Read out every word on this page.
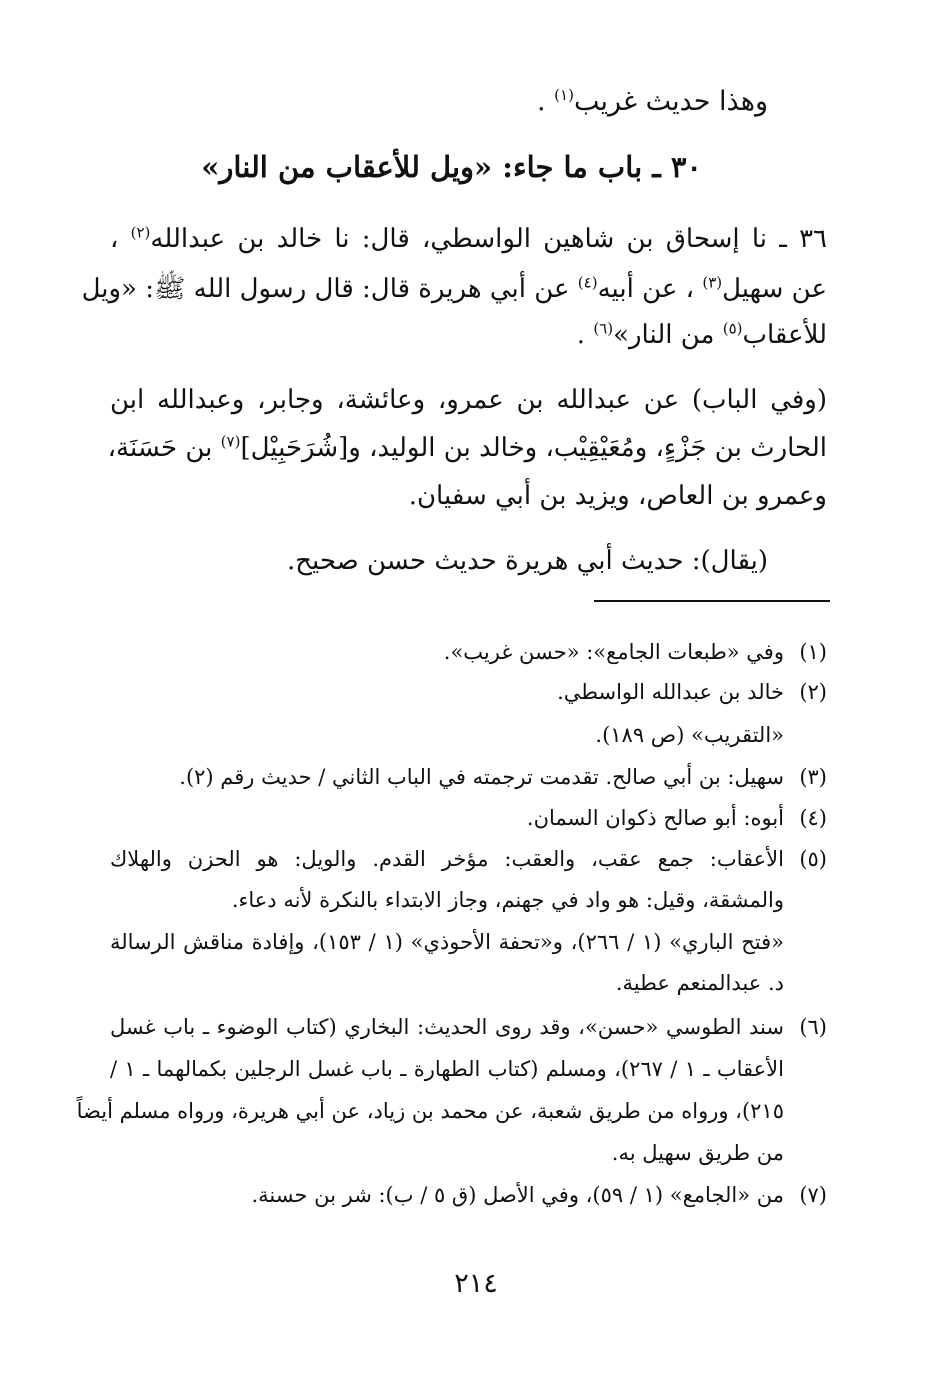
وهذا حديث غريب$^{(١)}$ .
٣٠ ـ باب ما جاء: «ويل للأعقاب من النار»
٣٦ ـ نا إسحاق بن شاهين الواسطي، قال: نا خالد بن عبدالله$^{(٢)}$ ،
عن سهيل$^{(٣)}$ ، عن أبيه$^{(٤)}$ عن أبي هريرة قال: قال رسول الله ﷺ: «ويل
للأعقاب$^{(٥)}$ من النار»$^{(٦)}$ .
(وفي الباب) عن عبدالله بن عمرو، وعائشة، وجابر، وعبدالله ابن
الحارث بن جَزْءٍ، ومُعَيْقِيْب، وخالد بن الوليد، و[شُرَحَبِيْل]$^{(٧)}$ بن حَسَنَة،
وعمرو بن العاص، ويزيد بن أبي سفيان.
(يقال): حديث أبي هريرة حديث حسن صحيح.
(١)
وفي «طبعات الجامع»: «حسن غريب».
(٢)
خالد بن عبدالله الواسطي.
«التقريب» (ص ١٨٩).
(٣)
سهيل: بن أبي صالح. تقدمت ترجمته في الباب الثاني / حديث رقم (٢).
(٤)
أبوه: أبو صالح ذكوان السمان.
(٥)
الأعقاب: جمع عقب، والعقب: مؤخر القدم. والويل: هو الحزن والهلاك
والمشقة، وقيل: هو واد في جهنم، وجاز الابتداء بالنكرة لأنه دعاء.
«فتح الباري» (١ / ٢٦٦)، و«تحفة الأحوذي» (١ / ١٥٣)، وإفادة مناقش الرسالة
د. عبدالمنعم عطية.
(٦)
سند الطوسي «حسن»، وقد روى الحديث: البخاري (كتاب الوضوء ـ باب غسل
الأعقاب ـ ١ / ٢٦٧)، ومسلم (كتاب الطهارة ـ باب غسل الرجلين بكمالهما ـ ١ /
٢١٥)، ورواه من طريق شعبة، عن محمد بن زياد، عن أبي هريرة، ورواه مسلم أيضاً
من طريق سهيل به.
(٧)
من «الجامع» (١ / ٥٩)، وفي الأصل (ق ٥ / ب): شر بن حسنة.
٢١٤
